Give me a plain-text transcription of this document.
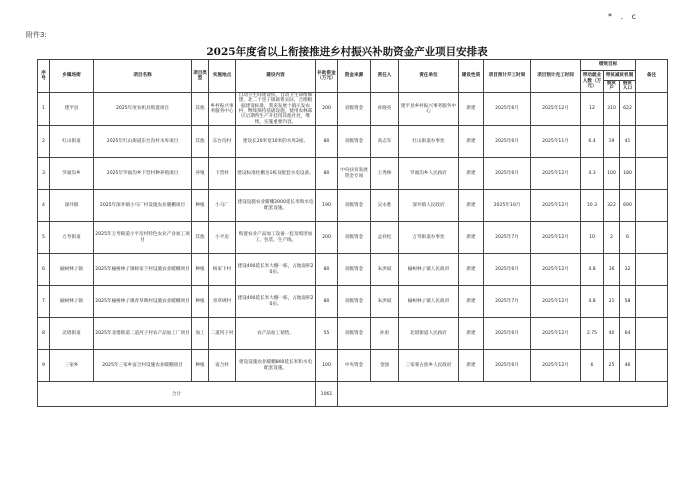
附件3:
* . c
2025年度省以上衔接推进乡村振兴补助资金产业项目安排表
序号	乡镇场街	项目名称	项目类型	实施地点	建设内容	补助资金（万元）	资金来源	责任人	责任单位	建设性质	项目预计开工时间	项目预计完工时间	绩效目标			备注
													带动就业人数（万元）	带贫减贫机制		
														脱贫户	脱贫人口	
1	建平县	2025年度农机具购置项目	其他	乡村振兴事务服务中心	自动卫生间建设机，自动卫生间维修建，北二十里子镇联系实际，合理根据建设标准，我来发展十镇示发农村，继续保持基础设施，使用农林部应后期所生产开挂用其他社处，继续，实施重要内容。	200	省级资金	孙晓亮	建平县乡村振兴事务服务中心	新建	2025年6月	2025年12月	12	310	622	
2	红山街道	2025年红山街道东台沟村水库项目	其他	东台沟村	建设长20米宽10米的水库2座。	80	省级资金	高志军	红山街道办事处	新建	2025年6月	2025年11月	6.4	19	41	
3	罗福沟乡	2025年罗福沟乡下营村种养殖项目	养殖	下营村	建设标准化棚舍1栋及配套水电设备。	80	中央扶贫发展资金专项	王秀林	罗福沟乡人民政府	新建	2025年6月	2025年12月	4.3	100	180	
4	深井镇	2025年深井镇小马厂村设施农业暖棚项目	种植	小马厂	建设设施农业暖棚2000延长米和水电配套设施。	190	省级资金	吴永胜	深井镇人民政府	新建	2025年10月	2025年12月	10.3	322	690	
5	万寿街道	2025年万寿街道小平房村特色农业产业加工项目	其他	小平房	购置农业产品加工设备一套及购进加工、包装、生产线。	200	省级资金	孟祥松	万寿街道办事处	新建	2025年7月	2025年12月	10	2	6	
6	榆树林子镇	2025年榆树林子镇杨家下村设施农业暖棚项目	种植	杨家下村	建设400延长米大棚一栋，占地面积20亩。	80	省级资金	朱洪斌	榆树林子镇人民政府	新建	2025年6月	2025年12月	4.8	16	32	
7	榆树林子镇	2025年榆树林子镇青草碑村设施农业暖棚项目	种植	青草碑村	建设400延长米大棚一栋，占地面积20亩。	80	省级资金	朱洪斌	榆树林子镇人民政府	新建	2025年7月	2025年12月	4.8	21	58	
8	北塔街道	2025年北塔街道二道河子村农产品加工厂项目	加工	二道河子村	农产品加工销售。	55	省级资金	孙勇	北塔街道人民政府	新建	2025年6月	2025年12月	2.75	40	64	
9	三家乡	2025年三家乡富合村设施农业暖棚项目	种植	富合村	建设设施农业暖棚800延长米和水电配套设施。	100	中央资金	金强	三家蒙古族乡人民政府	新建	2025年6月	2025年12月	6	25	46	
合计						1061										
